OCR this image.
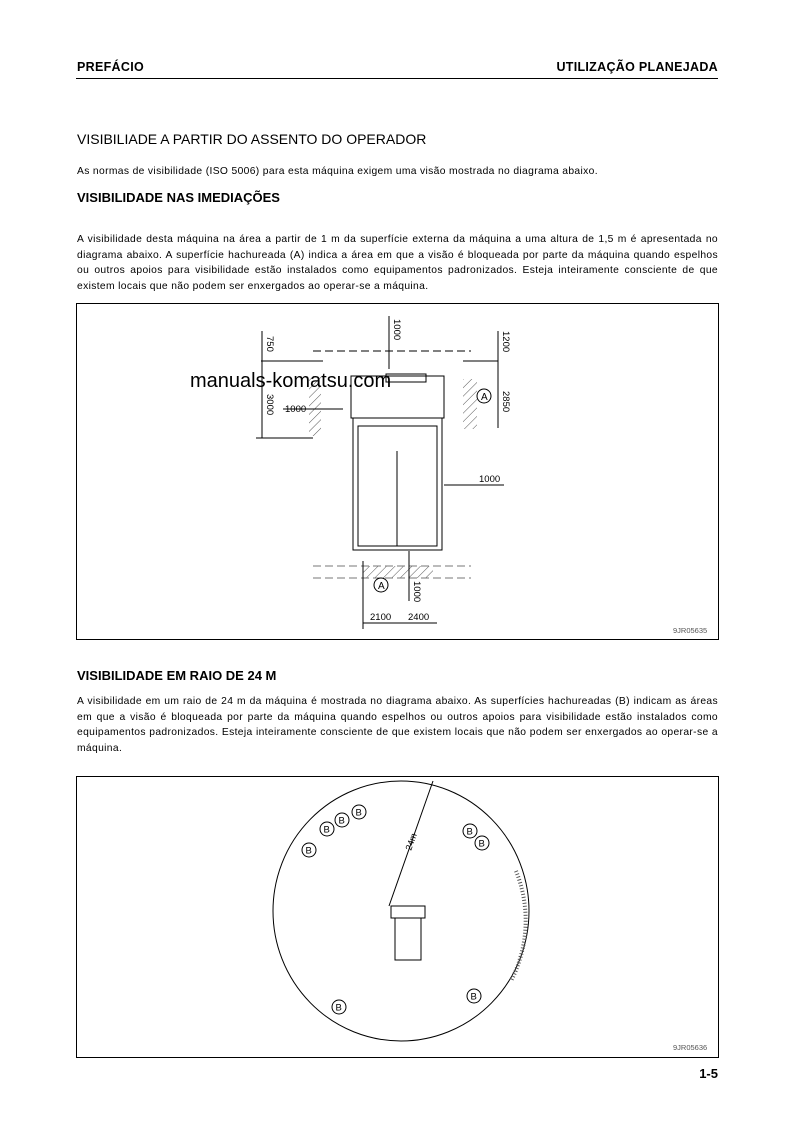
PREFÁCIO	UTILIZAÇÃO PLANEJADA
VISIBILIADE A PARTIR DO ASSENTO DO OPERADOR

As normas de visibilidade (ISO 5006) para esta máquina exigem uma visão mostrada no diagrama abaixo.

VISIBILIDADE NAS IMEDIAÇÕES

A visibilidade desta máquina na área a partir de 1 m da superfície externa da máquina a uma altura de 1,5 m é apresentada no diagrama abaixo. A superfície hachureada (A) indica a área em que a visão é bloqueada por parte da máquina quando espelhos ou outros apoios para visibilidade estão instalados como equipamentos padronizados. Esteja inteiramente consciente de que existem locais que não podem ser enxergados ao operar-se a máquina.

A
A
750
3000 1000
1000
1200
2850
1000
1000
2100 2400
9JR05635
manuals-komatsu.com
VISIBILIDADE EM RAIO DE 24 M

A visibilidade em um raio de 24 m da máquina é mostrada no diagrama abaixo. As superfícies hachureadas (B) indicam as áreas em que a visão é bloqueada por parte da máquina quando espelhos ou outros apoios para visibilidade estão instalados como equipamentos padronizados. Esteja inteiramente consciente de que existem locais que não podem ser enxergados ao operar-se a máquina.

24m
9JR05636
B
B
B
B
B
B
B
B
1-5
